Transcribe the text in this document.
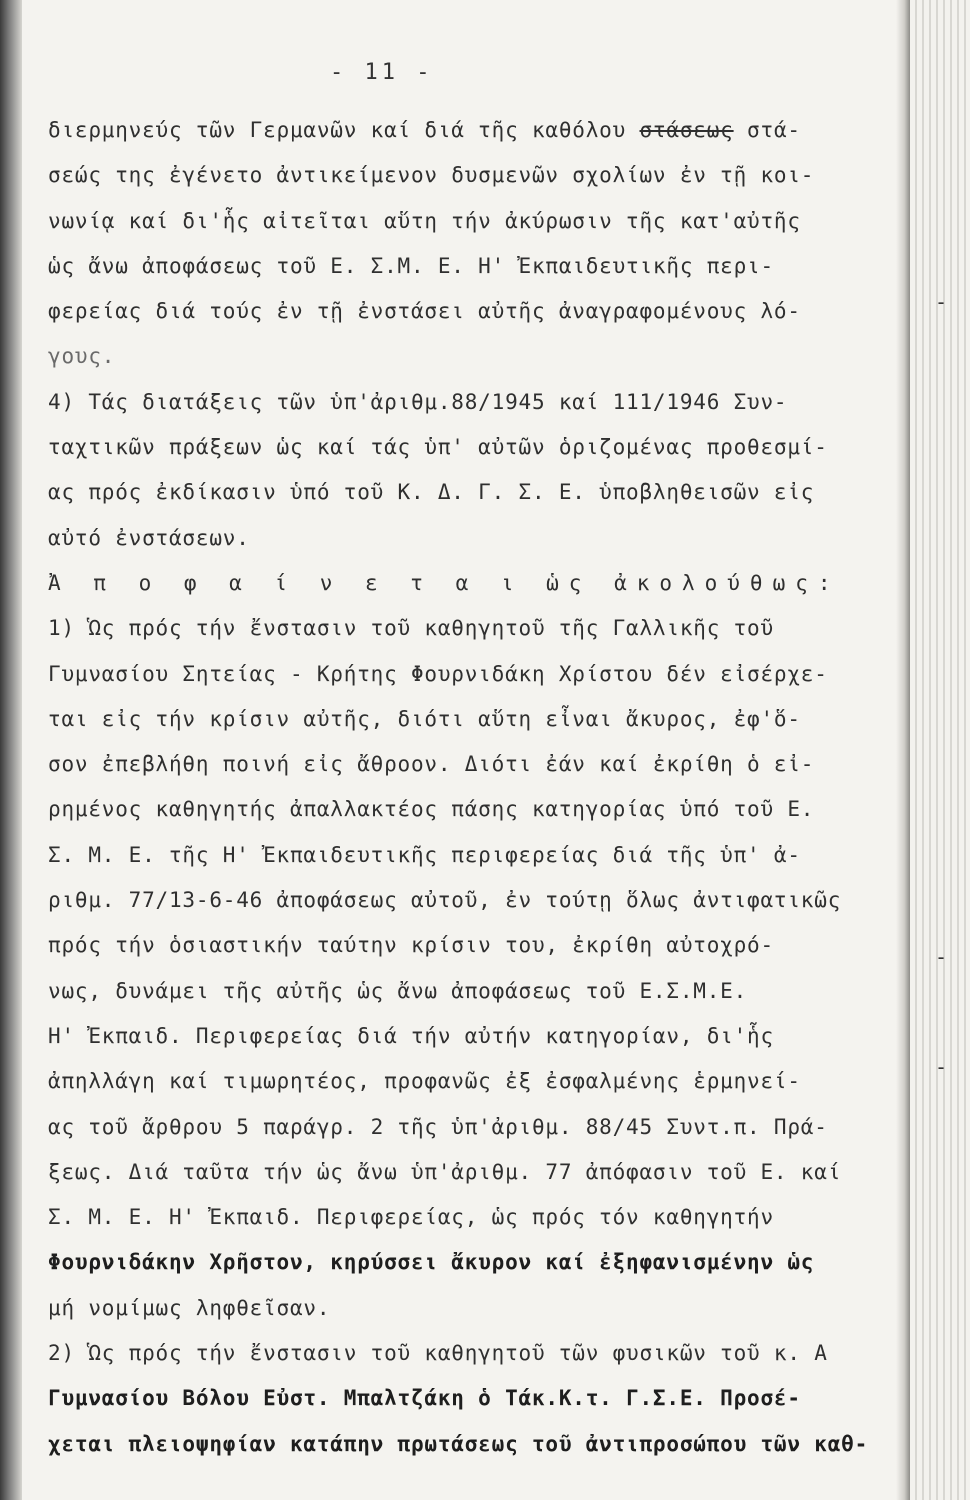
- 11 -
διερμηνεύς τῶν Γερμανῶν καί διά τῆς καθόλου στάσεως στά-
σεώς της ἐγένετο ἀντικείμενον δυσμενῶν σχολίων ἐν τῇ κοι-
νωνίᾳ καί δι'ἧς αἰτεῖται αὕτη τήν ἀκύρωσιν τῆς κατ'αὐτῆς
ὡς ἄνω ἀποφάσεως τοῦ Ε. Σ.Μ. Ε. Η' Ἐκπαιδευτικῆς περι-
φερείας διά τούς ἐν τῇ ἐνστάσει αὐτῆς ἀναγραφομένους λό-
γους.
4) Τάς διατάξεις τῶν ὑπ'ἀριθμ.88/1945 καί 111/1946 Συν-
ταχτικῶν πράξεων ὡς καί τάς ὑπ' αὐτῶν ὁριζομένας προθεσμί-
ας πρός ἐκδίκασιν ὑπό τοῦ Κ. Δ. Γ. Σ. Ε. ὑποβληθεισῶν εἰς
αὐτό ἐνστάσεων.
Ἀ π ο φ α ί ν ε τ α ι ὡς ἀκολούθως:
1) Ὡς πρός τήν ἔνστασιν τοῦ καθηγητοῦ τῆς Γαλλικῆς τοῦ
Γυμνασίου Σητείας - Κρήτης Φουρνιδάκη Χρίστου δέν εἰσέρχε-
ται εἰς τήν κρίσιν αὐτῆς, διότι αὕτη εἶναι ἄκυρος, ἐφ'ὅ-
σον ἐπεβλήθη ποινή εἰς ἄθροον. Διότι ἐάν καί ἐκρίθη ὁ εἰ-
ρημένος καθηγητής ἀπαλλακτέος πάσης κατηγορίας ὑπό τοῦ Ε.
Σ. Μ. Ε. τῆς Η' Ἐκπαιδευτικῆς περιφερείας διά τῆς ὑπ' ἀ-
ριθμ. 77/13-6-46 ἀποφάσεως αὐτοῦ, ἐν τούτῃ ὅλως ἀντιφατικῶς
πρός τήν ὁσιαστικήν ταύτην κρίσιν του, ἐκρίθη αὐτοχρό-
νως, δυνάμει τῆς αὐτῆς ὡς ἄνω ἀποφάσεως τοῦ Ε.Σ.Μ.Ε.
Η' Ἐκπαιδ. Περιφερείας διά τήν αὐτήν κατηγορίαν, δι'ἧς
ἀπηλλάγη καί τιμωρητέος, προφανῶς ἐξ ἐσφαλμένης ἑρμηνεί-
ας τοῦ ἄρθρου 5 παράγρ. 2 τῆς ὑπ'ἀριθμ. 88/45 Συντ.π. Πρά-
ξεως. Διά ταῦτα τήν ὡς ἄνω ὑπ'ἀριθμ. 77 ἀπόφασιν τοῦ Ε. καί
Σ. Μ. Ε. Η' Ἐκπαιδ. Περιφερείας, ὡς πρός τόν καθηγητήν
Φουρνιδάκην Χρῆστον, κηρύσσει ἄκυρον καί ἐξηφανισμένην ὡς
μή νομίμως ληφθεῖσαν.
2) Ὡς πρός τήν ἔνστασιν τοῦ καθηγητοῦ τῶν φυσικῶν τοῦ κ. Α
Γυμνασίου Βόλου Εὐστ. Μπαλτζάκη ὁ Τάκ.Κ.τ. Γ.Σ.Ε. Προσέ-
χεται πλειοψηφίαν κατάπην πρωτάσεως τοῦ ἀντιπροσώπου τῶν καθ-
-
-
-
